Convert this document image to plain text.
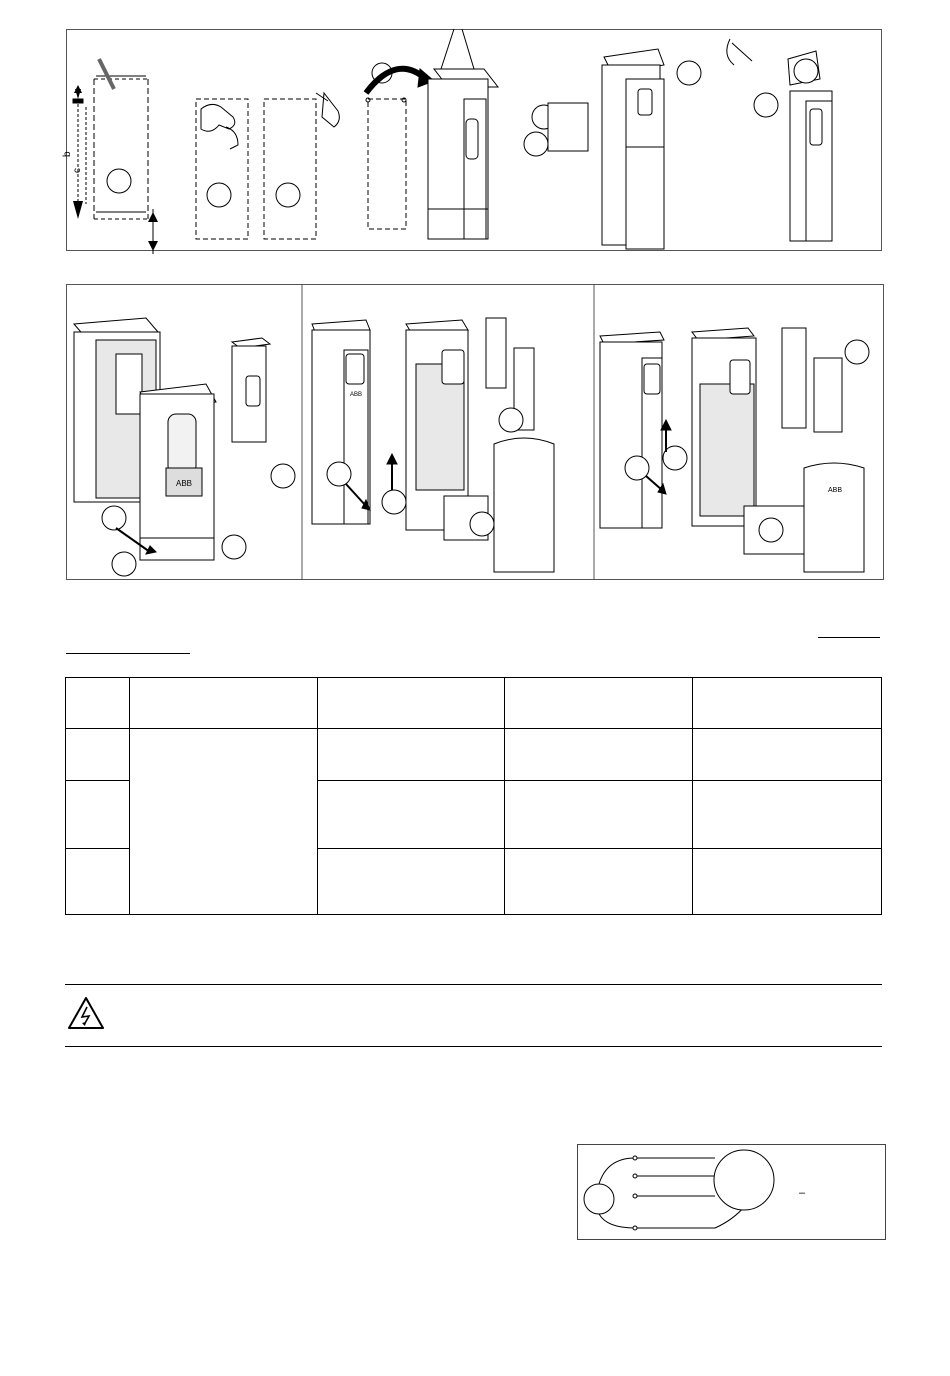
b
c
ABB
ABB
ABB

–
